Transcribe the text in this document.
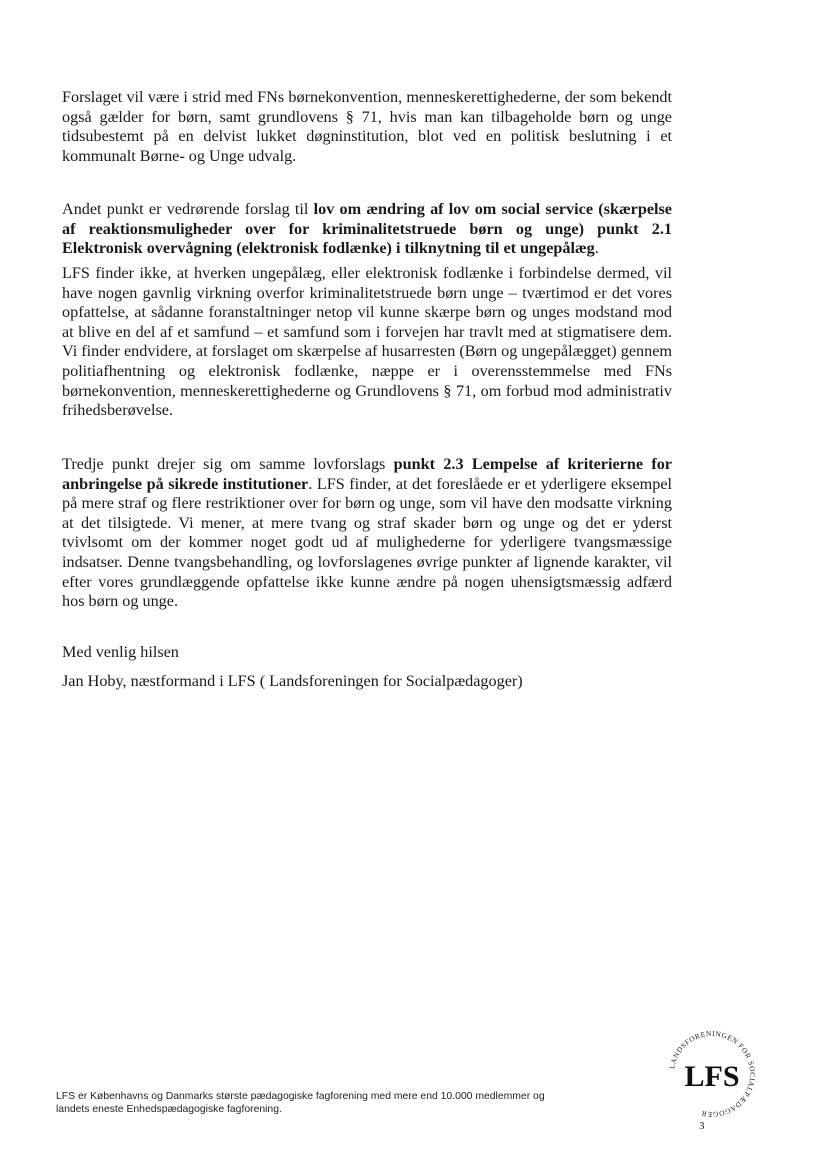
Forslaget vil være i strid med FNs børnekonvention, menneskerettighederne, der som bekendt også gælder for børn, samt grundlovens § 71, hvis man kan tilbageholde børn og unge tidsubestemt på en delvist lukket døgninstitution, blot ved en politisk beslutning i et kommunalt Børne- og Unge udvalg.

Andet punkt er vedrørende forslag til lov om ændring af lov om social service (skærpelse af reaktionsmuligheder over for kriminalitetstruede børn og unge) punkt 2.1 Elektronisk overvågning (elektronisk fodlænke) i tilknytning til et ungepålæg.

LFS finder ikke, at hverken ungepålæg, eller elektronisk fodlænke i forbindelse dermed, vil have nogen gavnlig virkning overfor kriminalitetstruede børn unge – tværtimod er det vores opfattelse, at sådanne foranstaltninger netop vil kunne skærpe børn og unges modstand mod at blive en del af et samfund – et samfund som i forvejen har travlt med at stigmatisere dem. Vi finder endvidere, at forslaget om skærpelse af husarresten (Børn og ungepålægget) gennem politiafhentning og elektronisk fodlænke, næppe er i overensstemmelse med FNs børnekonvention, menneskerettighederne og Grundlovens § 71, om forbud mod administrativ frihedsberøvelse.

Tredje punkt drejer sig om samme lovforslags punkt 2.3 Lempelse af kriterierne for anbringelse på sikrede institutioner. LFS finder, at det foreslåede er et yderligere eksempel på mere straf og flere restriktioner over for børn og unge, som vil have den modsatte virkning at det tilsigtede. Vi mener, at mere tvang og straf skader børn og unge og det er yderst tvivlsomt om der kommer noget godt ud af mulighederne for yderligere tvangsmæssige indsatser. Denne tvangsbehandling, og lovforslagenes øvrige punkter af lignende karakter, vil efter vores grundlæggende opfattelse ikke kunne ændre på nogen uhensigtsmæssig adfærd hos børn og unge.

Med venlig hilsen

Jan Hoby, næstformand i LFS ( Landsforeningen for Socialpædagoger)

LFS er Københavns og Danmarks største pædagogiske fagforening med mere end 10.000 medlemmer og
landets eneste Enhedspædagogiske fagforening.
LANDSFORENINGEN FOR SOCIALPÆDAGOGER
LFS
3
